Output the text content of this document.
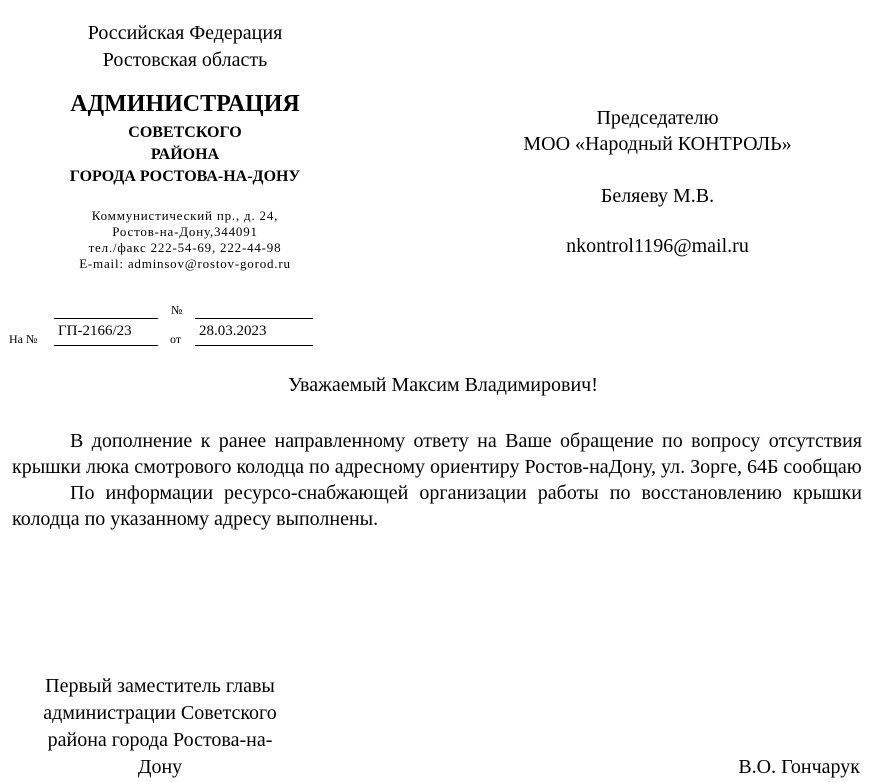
Российская Федерация
Ростовская область
АДМИНИСТРАЦИЯ
СОВЕТСКОГО
РАЙОНА
ГОРОДА РОСТОВА-НА-ДОНУ
Коммунистический пр., д. 24,
Ростов-на-Дону,344091
тел./факс 222-54-69, 222-44-98
E-mail: adminsov@rostov-gorod.ru
№
На № ГП-2166/23	от 28.03.2023
Председателю
МОО «Народный КОНТРОЛЬ»
Беляеву М.В.
nkontrol1196@mail.ru
Уважаемый Максим Владимирович!

В дополнение к ранее направленному ответу на Ваше обращение по вопросу отсутствия крышки люка смотрового колодца по адресному ориентиру Ростов-наДону, ул. Зорге, 64Б сообщаю

По информации ресурсо-снабжающей организации работы по восстановлению крышки колодца по указанному адресу выполнены.

Первый заместитель главы
администрации Советского
района города Ростова-на-
Дону	В.О. Гончарук
